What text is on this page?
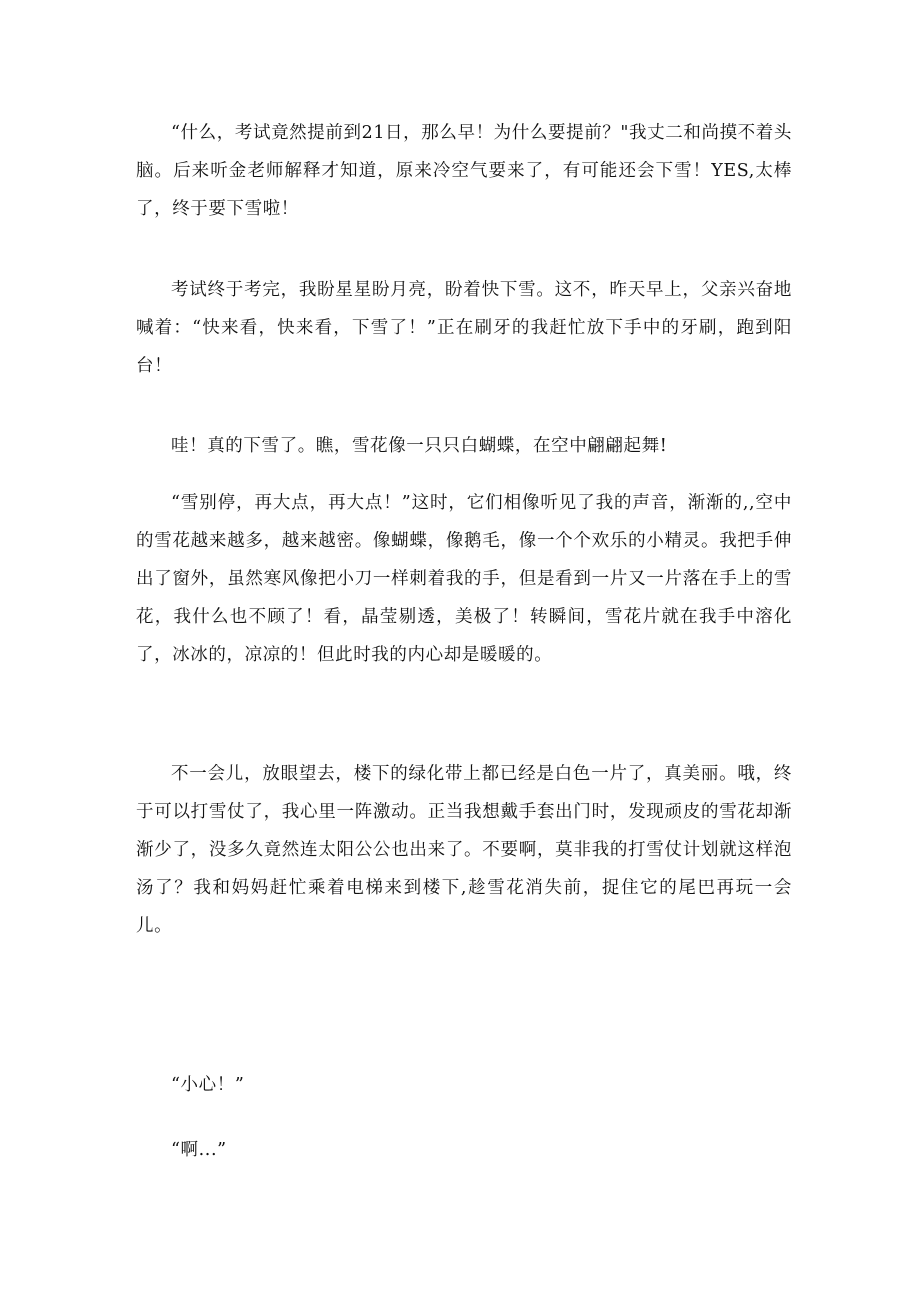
“什么，考试竟然提前到21日，那么早！为什么要提前？"我丈二和尚摸不着头脑。后来听金老师解释才知道，原来冷空气要来了，有可能还会下雪！YES,太棒了，终于要下雪啦！

考试终于考完，我盼星星盼月亮，盼着快下雪。这不，昨天早上，父亲兴奋地喊着：“快来看，快来看，下雪了！”正在刷牙的我赶忙放下手中的牙刷，跑到阳台！

哇！真的下雪了。瞧，雪花像一只只白蝴蝶，在空中翩翩起舞!

“雪别停，再大点，再大点！”这时，它们相像听见了我的声音，渐渐的,,空中的雪花越来越多，越来越密。像蝴蝶，像鹅毛，像一个个欢乐的小精灵。我把手伸出了窗外，虽然寒风像把小刀一样刺着我的手，但是看到一片又一片落在手上的雪花，我什么也不顾了！看，晶莹剔透，美极了！转瞬间，雪花片就在我手中溶化了，冰冰的，凉凉的！但此时我的内心却是暖暖的。

不一会儿，放眼望去，楼下的绿化带上都已经是白色一片了，真美丽。哦，终于可以打雪仗了，我心里一阵激动。正当我想戴手套出门时，发现顽皮的雪花却渐渐少了，没多久竟然连太阳公公也出来了。不要啊，莫非我的打雪仗计划就这样泡汤了？我和妈妈赶忙乘着电梯来到楼下,趁雪花消失前，捉住它的尾巴再玩一会儿。

“小心！”

“啊...”
